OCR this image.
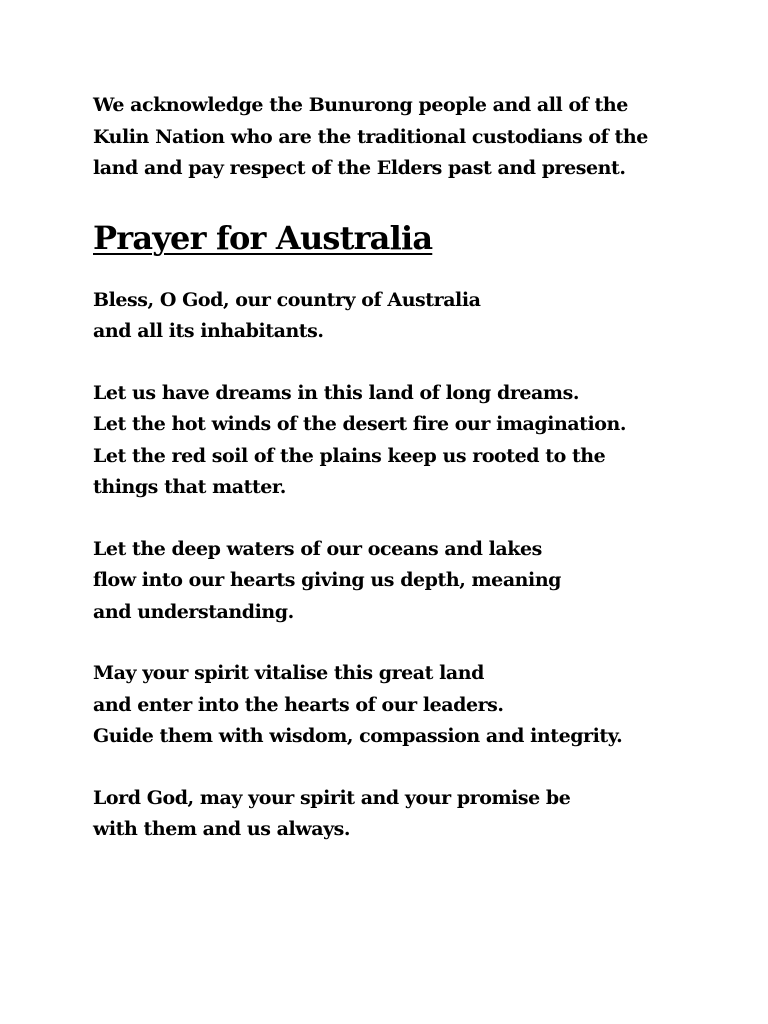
We acknowledge the Bunurong people and all of the
Kulin Nation who are the traditional custodians of the
land and pay respect of the Elders past and present.
Prayer for Australia
Bless, O God, our country of Australia
and all its inhabitants.
Let us have dreams in this land of long dreams.
Let the hot winds of the desert fire our imagination.
Let the red soil of the plains keep us rooted to the
things that matter.
Let the deep waters of our oceans and lakes
flow into our hearts giving us depth, meaning
and understanding.
May your spirit vitalise this great land
and enter into the hearts of our leaders.
Guide them with wisdom, compassion and integrity.
Lord God, may your spirit and your promise be
with them and us always.
